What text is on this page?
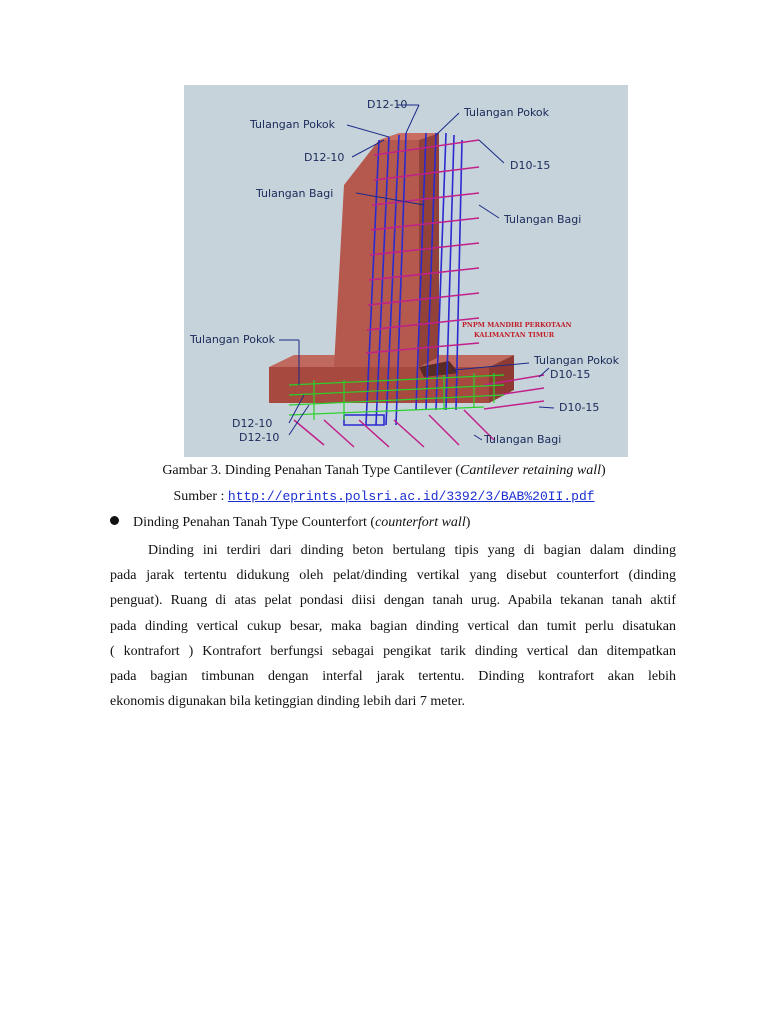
D12-10
Tulangan Pokok
Tulangan Pokok
D12-10
D10-15
Tulangan Bagi
Tulangan Bagi
Tulangan Pokok
PNPM MANDIRI PERKOTAAN
KALIMANTAN TIMUR
Tulangan Pokok
D10-15
D10-15
D12-10
D12-10	Tulangan Bagi
Gambar 3. Dinding Penahan Tanah Type Cantilever (Cantilever retaining wall)
Sumber : http://eprints.polsri.ac.id/3392/3/BAB%20II.pdf
Dinding Penahan Tanah Type Counterfort (counterfort wall)
Dinding ini terdiri dari dinding beton bertulang tipis yang di bagian dalam dinding
pada jarak tertentu didukung oleh pelat/dinding vertikal yang disebut counterfort (dinding
penguat). Ruang di atas pelat pondasi diisi dengan tanah urug. Apabila tekanan tanah aktif
pada dinding vertical cukup besar, maka bagian dinding vertical dan tumit perlu disatukan
( kontrafort ) Kontrafort berfungsi sebagai pengikat tarik dinding vertical dan ditempatkan
pada bagian timbunan dengan interfal jarak tertentu. Dinding kontrafort akan lebih
ekonomis digunakan bila ketinggian dinding lebih dari 7 meter.
